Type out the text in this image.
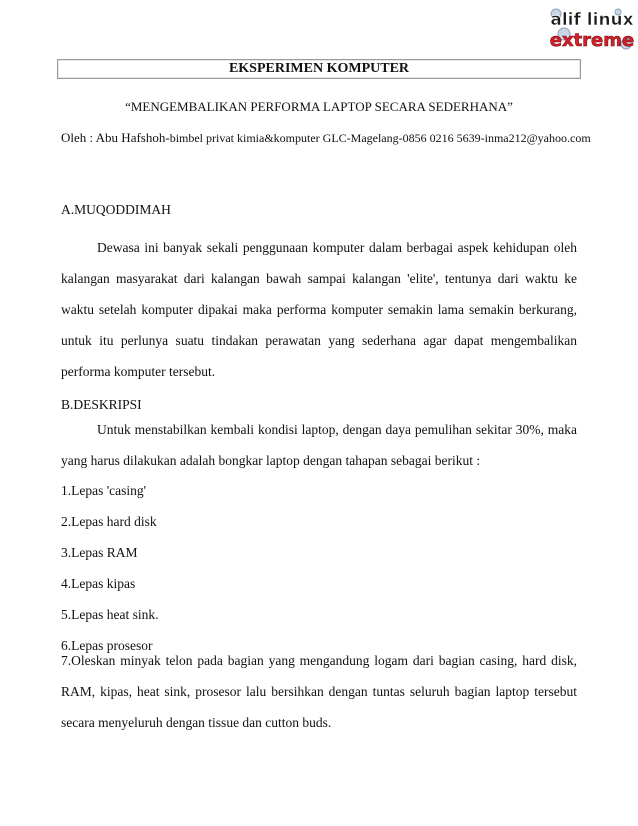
alif linux
extreme
EKSPERIMEN KOMPUTER
“MENGEMBALIKAN PERFORMA LAPTOP SECARA SEDERHANA”
Oleh : Abu Hafshoh-bimbel privat kimia&komputer GLC-Magelang-0856 0216 5639-inma212@yahoo.com
A.MUQODDIMAH

Dewasa ini banyak sekali penggunaan komputer dalam berbagai aspek kehidupan oleh kalangan masyarakat dari kalangan bawah sampai kalangan 'elite', tentunya dari waktu ke waktu setelah komputer dipakai maka performa komputer semakin lama semakin berkurang, untuk itu perlunya suatu tindakan perawatan yang sederhana agar dapat mengembalikan performa komputer tersebut.

B.DESKRIPSI

Untuk menstabilkan kembali kondisi laptop, dengan daya pemulihan sekitar 30%, maka yang harus dilakukan adalah bongkar laptop dengan tahapan sebagai berikut :

1.Lepas 'casing'
2.Lepas hard disk
3.Lepas RAM
4.Lepas kipas
5.Lepas heat sink.
6.Lepas prosesor

7.Oleskan minyak telon pada bagian yang mengandung logam dari bagian casing, hard disk, RAM, kipas, heat sink, prosesor lalu bersihkan dengan tuntas seluruh bagian laptop tersebut secara menyeluruh dengan tissue dan cutton buds.
